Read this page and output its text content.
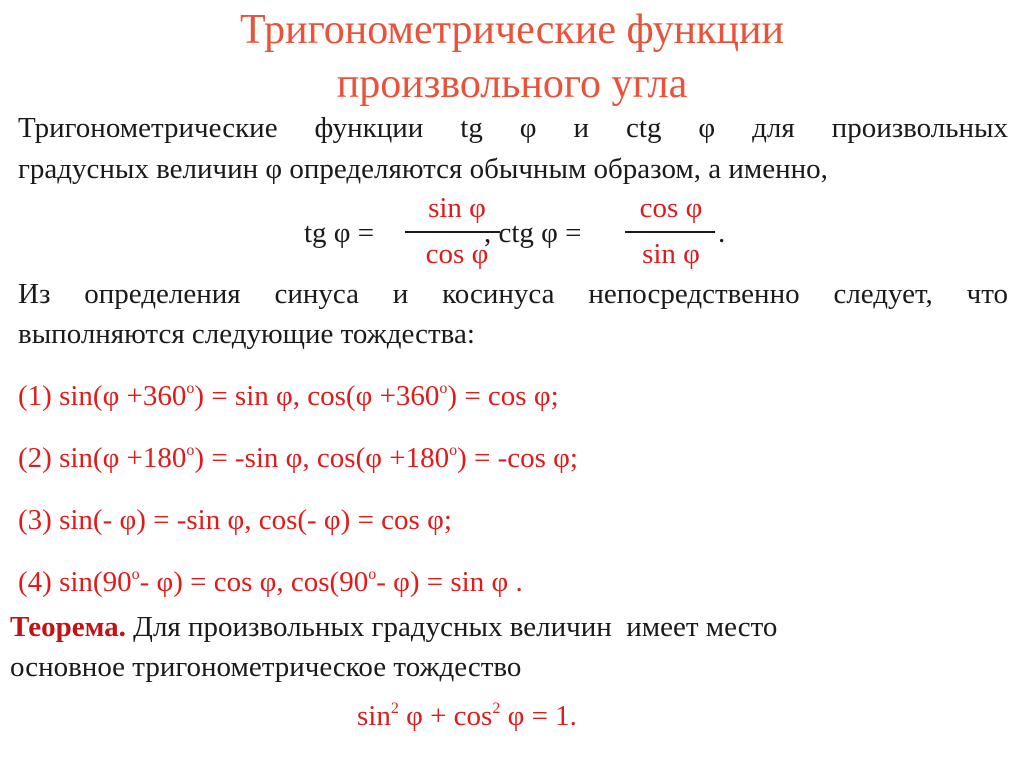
Тригонометрические функции
произвольного угла
Тригонометрические функции tg φ и ctg φ для произвольных
градусных величин φ определяются обычным образом, а именно,
tg φ =
sin φ
cos φ
, ctg φ =
cos φ
sin φ
.
Из определения синуса и косинуса непосредственно следует, что
выполняются следующие тождества:
(1) $\sin(\varphi +360^o) = \sin \varphi$, $\cos(\varphi +360^o) = \cos \varphi$;
(2) $\sin(\varphi +180^o) = -\sin$ φ, $\cos(\varphi +180^o) = -\cos$ φ;
(3) sin(- φ) = -sin φ, cos(- φ) = cos φ;
(4) sin(90$^o$- φ) = cos φ, cos(90$^o$- φ) = sin φ .
Теорема. Для произвольных градусных величин  имеет место
основное тригонометрическое тождество
$\sin^2 \varphi + \cos^2 \varphi = 1$.
